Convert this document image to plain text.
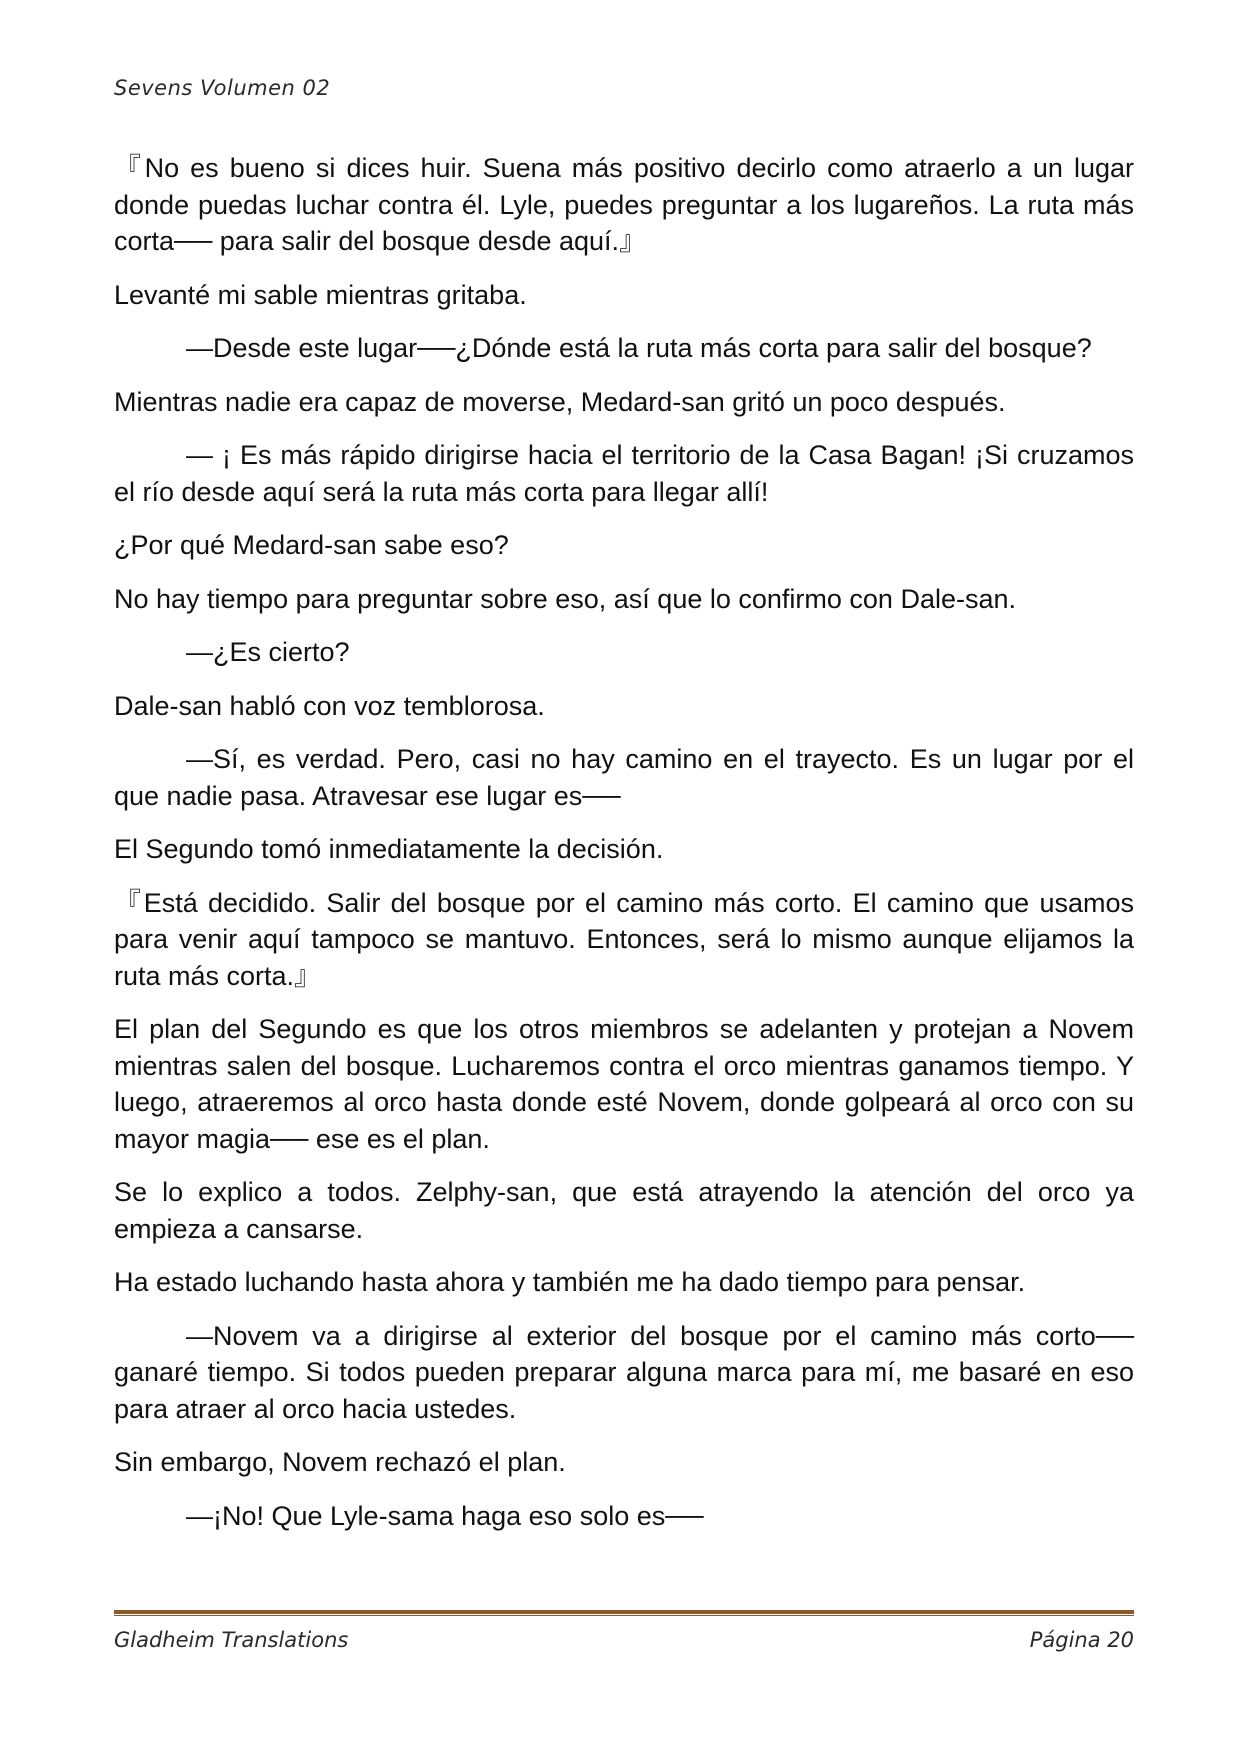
Sevens Volumen 02

『No es bueno si dices huir. Suena más positivo decirlo como atraerlo a un lugar donde puedas luchar contra él. Lyle, puedes preguntar a los lugareños. La ruta más corta── para salir del bosque desde aquí.』

Levanté mi sable mientras gritaba.

—Desde este lugar──¿Dónde está la ruta más corta para salir del bosque?

Mientras nadie era capaz de moverse, Medard-san gritó un poco después.

— ¡ Es más rápido dirigirse hacia el territorio de la Casa Bagan! ¡Si cruzamos el río desde aquí será la ruta más corta para llegar allí!

¿Por qué Medard-san sabe eso?

No hay tiempo para preguntar sobre eso, así que lo confirmo con Dale-san.

—¿Es cierto?

Dale-san habló con voz temblorosa.

—Sí, es verdad. Pero, casi no hay camino en el trayecto. Es un lugar por el que nadie pasa. Atravesar ese lugar es──

El Segundo tomó inmediatamente la decisión.

『Está decidido. Salir del bosque por el camino más corto. El camino que usamos para venir aquí tampoco se mantuvo. Entonces, será lo mismo aunque elijamos la ruta más corta.』

El plan del Segundo es que los otros miembros se adelanten y protejan a Novem mientras salen del bosque. Lucharemos contra el orco mientras ganamos tiempo. Y luego, atraeremos al orco hasta donde esté Novem, donde golpeará al orco con su mayor magia── ese es el plan.

Se lo explico a todos. Zelphy-san, que está atrayendo la atención del orco ya empieza a cansarse.

Ha estado luchando hasta ahora y también me ha dado tiempo para pensar.

—Novem va a dirigirse al exterior del bosque por el camino más corto── ganaré tiempo. Si todos pueden preparar alguna marca para mí, me basaré en eso para atraer al orco hacia ustedes.

Sin embargo, Novem rechazó el plan.

—¡No! Que Lyle-sama haga eso solo es──

Gladheim Translations	Página 20
